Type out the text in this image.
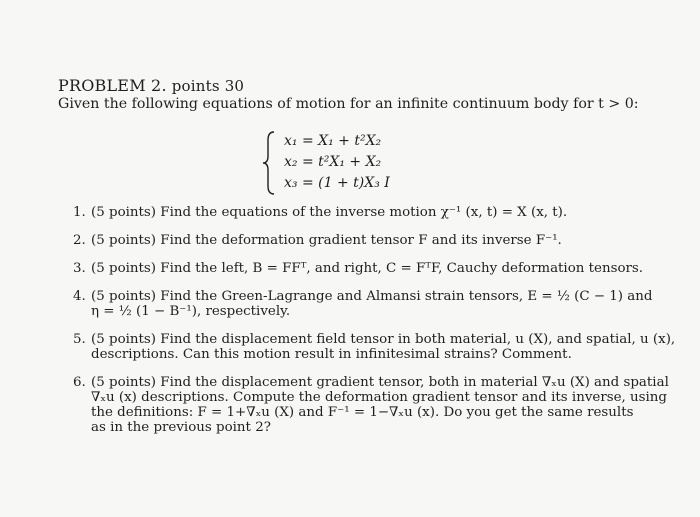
PROBLEM 2. points 30
Given the following equations of motion for an infinite continuum body for t > 0:
x₁ = X₁ + t²X₂
x₂ = t²X₁ + X₂
x₃ = (1 + t)X₃ I
1. (5 points) Find the equations of the inverse motion χ⁻¹ (x, t) = X (x, t).
2. (5 points) Find the deformation gradient tensor F and its inverse F⁻¹.
3. (5 points) Find the left, B = FFᵀ, and right, C = FᵀF, Cauchy deformation tensors.
4. (5 points) Find the Green-Lagrange and Almansi strain tensors, E = ½ (C − 1) and
η = ½ (1 − B⁻¹), respectively.
5. (5 points) Find the displacement field tensor in both material, u (X), and spatial, u (x),
descriptions. Can this motion result in infinitesimal strains? Comment.
6. (5 points) Find the displacement gradient tensor, both in material ∇ₓu (X) and spatial
∇ₓu (x) descriptions. Compute the deformation gradient tensor and its inverse, using
the definitions: F = 1+∇ₓu (X) and F⁻¹ = 1−∇ₓu (x). Do you get the same results
as in the previous point 2?
